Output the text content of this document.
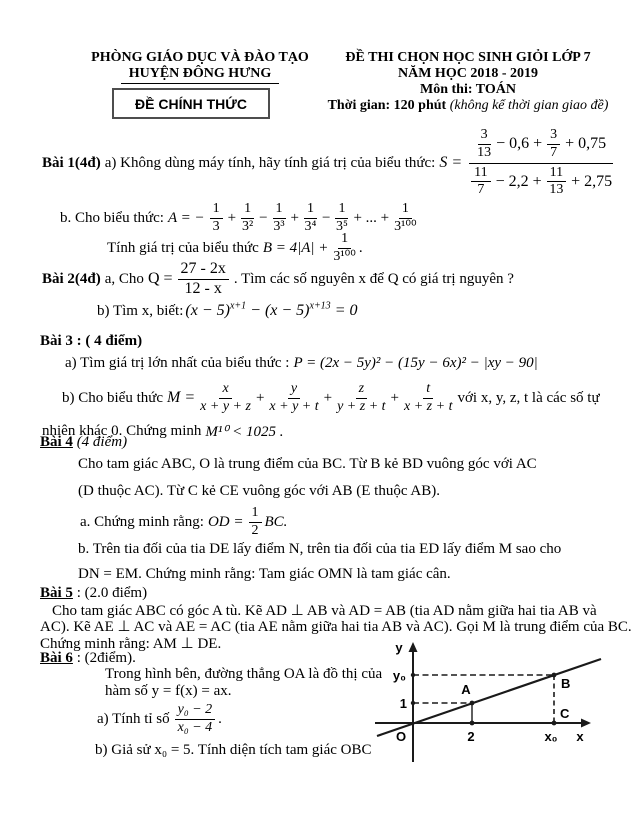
PHÒNG GIÁO DỤC VÀ ĐÀO TẠO
HUYỆN ĐÔNG HƯNG
ĐỀ CHÍNH THỨC
ĐỀ THI CHỌN HỌC SINH GIỎI LỚP 7
NĂM HỌC 2018 - 2019
Môn thi: TOÁN
Thời gian: 120 phút (không kể thời gian giao đề)
Bài 1(4đ) a) Không dùng máy tính, hãy tính giá trị của biểu thức: $S = \frac{\frac{3}{13} - 0,6 + \frac{3}{7} + 0,75}{\frac{11}{7} - 2,2 + \frac{11}{13} + 2,75}$
b. Cho biểu thức: A = − $\frac{1}{3} + \frac{1}{\text{3²}} - \frac{1}{\text{3³}} + \frac{1}{\text{3⁴}} - \frac{1}{\text{3⁵}}$ + ... + $\frac{1}{\text{3¹⁰⁰}}$
Tính giá trị của biểu thức $B = 4|A| + \frac{1}{\text{3¹⁰⁰}}$ .
Bài 2(4đ) a, Cho $Q = \frac{27 - 2x}{12 - x}$ . Tìm các số nguyên x để Q có giá trị nguyên ?
b) Tìm x, biết: $(x - 5)^{x+1} - (x - 5)^{x+13} = 0$
Bài 3 : ( 4 điểm)
a) Tìm giá trị lớn nhất của biểu thức : P = (2x − 5y)² − (15y − 6x)² − |xy − 90|
b) Cho biểu thức $M = \frac{x}{x + y + z} + \frac{y}{x + y + t} + \frac{z}{y + z + t} + \frac{t}{x + z + t}$ với x, y, z, t là các số tự
nhiên khác 0. Chứng minh M¹⁰ < 1025 .
Bài 4 (4 điểm)
Cho tam giác ABC, O là trung điểm của BC. Từ B kẻ BD vuông góc với AC
(D thuộc AC). Từ C kẻ CE vuông góc với AB (E thuộc AB).
a. Chứng minh rằng: OD = $\frac{1}{2}$ BC.
b. Trên tia đối của tia DE lấy điểm N, trên tia đối của tia ED lấy điểm M sao cho
DN = EM. Chứng minh rằng: Tam giác OMN là tam giác cân.
Bài 5 : (2.0 điểm)
Cho tam giác ABC có góc A tù. Kẽ AD ⊥ AB và AD = AB (tia AD nằm giữa hai tia AB và
AC). Kẽ AE ⊥ AC và AE = AC (tia AE nằm giữa hai tia AB và AC). Gọi M là trung điểm của BC.
Chứng minh rằng: AM ⊥ DE.
Bài 6 : (2điểm).
Trong hình bên, đường thẳng OA là đồ thị của
hàm số y = f(x) = ax.
a) Tính tỉ số $\frac{\text{y₀ − 2}}{\text{x₀ − 4}}$ .
b) Giả sử x₀ = 5. Tính diện tích tam giác OBC
y
y₀
1
A	B
C
O	2	x₀ x
